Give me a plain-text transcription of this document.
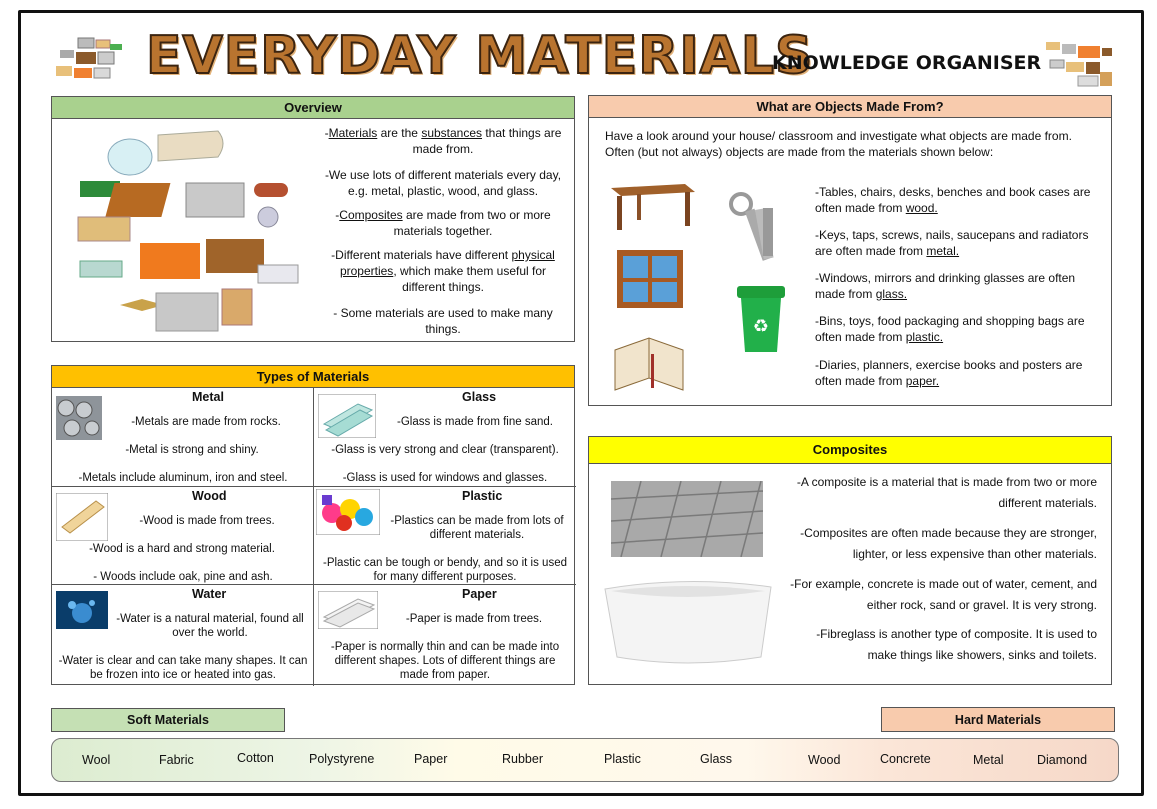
EVERYDAY MATERIALS
KNOWLEDGE ORGANISER
Overview
-Materials are the substances that things are made from.
-We use lots of different materials every day, e.g. metal, plastic, wood, and glass.
-Composites are made from two or more materials together.
-Different materials have different physical properties, which make them useful for different things.
- Some materials are used to make many things.
What are Objects Made From?
Have a look around your house/ classroom and investigate what objects are made from. Often (but not always) objects are made from the materials shown below:
♻
-Tables, chairs, desks, benches and book cases are often made from wood.
-Keys, taps, screws, nails, saucepans and radiators are often made from metal.
-Windows, mirrors and drinking glasses are often made from glass.
-Bins, toys, food packaging and shopping bags are often made from plastic.
-Diaries, planners, exercise books and posters are often made from paper.
Types of Materials
Metal
-Metals are made from rocks.
-Metal is strong and shiny.
-Metals include aluminum, iron and steel.
Glass
-Glass is made from fine sand.
-Glass is very strong and clear (transparent).
-Glass is used for windows and glasses.
Wood
-Wood is made from trees.
-Wood is a hard and strong material.
- Woods include oak, pine and ash.
Plastic
-Plastics can be made from lots of different materials.
-Plastic can be tough or bendy, and so it is used for many different purposes.
Water
-Water is a natural material, found all over the world.
-Water is clear and can take many shapes. It can be frozen into ice or heated into gas.
Paper
-Paper is made from trees.
-Paper is normally thin and can be made into different shapes. Lots of different things are made from paper.
Composites
-A composite is a material that is made from two or more different materials.
-Composites are often made because they are stronger, lighter, or less expensive than other materials.
-For example, concrete is made out of water, cement, and either rock, sand or gravel. It is very strong.
-Fibreglass is another type of composite. It is used to make things like showers, sinks and toilets.
Soft Materials	Hard Materials
Wool	Fabric	Cotton	Polystyrene	Paper	Rubber	Plastic	Glass	Wood	Concrete	Metal	Diamond
